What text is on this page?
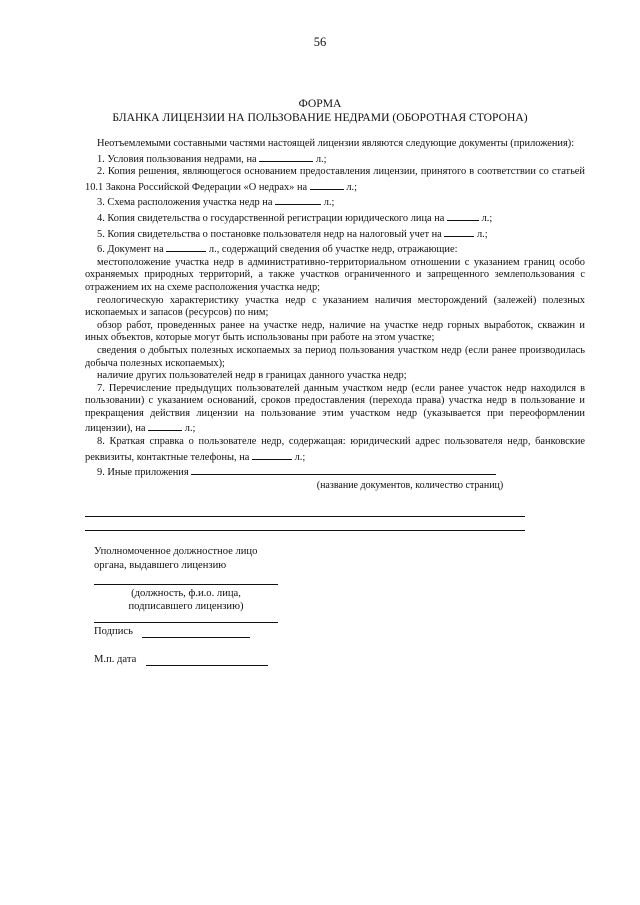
56
ФОРМА
БЛАНКА ЛИЦЕНЗИИ НА ПОЛЬЗОВАНИЕ НЕДРАМИ (ОБОРОТНАЯ СТОРОНА)

Неотъемлемыми составными частями настоящей лицензии являются следующие документы (приложения):

1. Условия пользования недрами, на	л.;

2. Копия решения, являющегося основанием предоставления лицензии, принятого в соответствии со статьей 10.1 Закона Российской Федерации «О недрах» на	л.;

3. Схема расположения участка недр на	л.;

4. Копия свидетельства о государственной регистрации юридического лица на	л.;

5. Копия свидетельства о постановке пользователя недр на налоговый учет на	л.;

6. Документ на	л., содержащий сведения об участке недр, отражающие:

местоположение участка недр в административно-территориальном отношении с указанием границ особо охраняемых природных территорий, а также участков ограниченного и запрещенного землепользования с отражением их на схеме расположения участка недр;

геологическую характеристику участка недр с указанием наличия месторождений (залежей) полезных ископаемых и запасов (ресурсов) по ним;

обзор работ, проведенных ранее на участке недр, наличие на участке недр горных выработок, скважин и иных объектов, которые могут быть использованы при работе на этом участке;

сведения о добытых полезных ископаемых за период пользования участком недр (если ранее производилась добыча полезных ископаемых);

наличие других пользователей недр в границах данного участка недр;

7. Перечисление предыдущих пользователей данным участком недр (если ранее участок недр находился в пользовании) с указанием оснований, сроков предоставления (перехода права) участка недр в пользование и прекращения действия лицензии на пользование этим участком недр (указывается при переоформлении лицензии), на	л.;

8. Краткая справка о пользователе недр, содержащая: юридический адрес пользователя недр, банковские реквизиты, контактные телефоны, на	л.;

9. Иные приложения

(название документов, количество страниц)
Уполномоченное должностное лицо
органа, выдавшего лицензию
(должность, ф.и.о. лица,
подписавшего лицензию)
Подпись
М.п. дата
